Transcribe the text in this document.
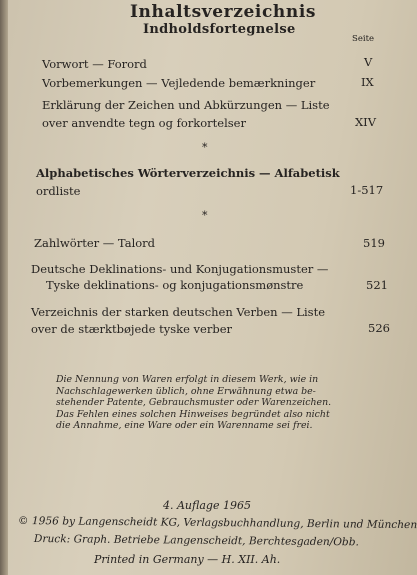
Inhaltsverzeichnis
Indholdsfortegnelse
Seite
Vorwort — Forord	V
Vorbemerkungen — Vejledende bemærkninger	IX
Erklärung der Zeichen und Abkürzungen — Liste
over anvendte tegn og forkortelser	XIV
*
Alphabetisches Wörterverzeichnis — Alfabetisk
ordliste	1-517
*
Zahlwörter — Talord	519
Deutsche Deklinations- und Konjugationsmuster —
Tyske deklinations- og konjugationsmønstre	521
Verzeichnis der starken deutschen Verben — Liste
over de stærktbøjede tyske verber	526
Die Nennung von Waren erfolgt in diesem Werk, wie in
Nachschlagewerken üblich, ohne Erwähnung etwa be-
stehender Patente, Gebrauchsmuster oder Warenzeichen.
Das Fehlen eines solchen Hinweises begründet also nicht
die Annahme, eine Ware oder ein Warenname sei frei.
4. Auflage 1965
© 1956 by Langenscheidt KG, Verlagsbuchhandlung, Berlin und München
Druck: Graph. Betriebe Langenscheidt, Berchtesgaden/Obb.
Printed in Germany — H. XII. Ah.
